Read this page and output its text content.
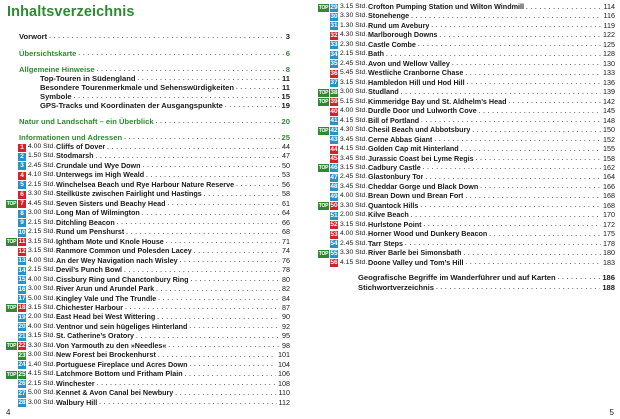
Inhaltsverzeichnis
Vorwort . . .	3
Übersichtskarte . . .	6
Allgemeine Hinweise . . .	8
Top-Touren in Südengland . . .	11
Besondere Tourenmerkmale und Sehenswürdigkeiten . . .	11
Symbole . . .	15
GPS-Tracks und Koordinaten der Ausgangspunkte . . .	19
Natur und Landschaft – ein Überblick . . .	20
Informationen und Adressen . . .	25
1 4.00 Std. Cliffs of Dover . . .	44
2 1.50 Std. Stodmarsh . . .	47
3 2.45 Std. Crundale und Wye Down . . .	50
4 4.10 Std. Unterwegs im High Weald . . .	53
5 2.15 Std. Winchelsea Beach und Rye Harbour Nature Reserve . . .	56
6 3.30 Std. Steilküste zwischen Fairlight und Hastings . . .	58
TOP 7 4.45 Std. Seven Sisters und Beachy Head . . .	61
8 3.00 Std. Long Man of Wilmington . . .	64
9 2.15 Std. Ditchling Beacon . . .	66
10 2.15 Std. Rund um Penshurst . . .	68
TOP 11 3.15 Std. Ightham Mote und Knole House . . .	71
12 3.15 Std. Ranmore Common und Polesden Lacey . . .	74
13 4.00 Std. An der Wey Navigation nach Wisley . . .	76
14 2.15 Std. Devil’s Punch Bowl . . .	78
15 4.00 Std. Cissbury Ring und Chanctonbury Ring . . .	80
16 3.00 Std. River Arun und Arundel Park . . .	82
17 5.00 Std. Kingley Vale und The Trundle . . .	84
TOP 18 3.15 Std. Chichester Harbour . . .	87
19 2.00 Std. East Head bei West Wittering . . .	90
20 4.00 Std. Ventnor und sein hügeliges Hinterland . . .	92
21 3.15 Std. St. Catherine’s Oratory . . .	95
TOP 22 3.30 Std. Von Yarmouth zu den »Needles« . . .	98
23 3.00 Std. New Forest bei Brockenhurst . . .	101
24 1.40 Std. Portuguese Fireplace und Acres Down . . .	104
TOP 25 4.15 Std. Latchmore Bottom und Fritham Plain . . .	106
26 2.15 Std. Winchester . . .	108
27 5.00 Std. Kennet & Avon Canal bei Newbury . . .	110
28 3.00 Std. Walbury Hill . . .	112
4
TOP 29 3.15 Std. Crofton Pumping Station und Wilton Windmill . . .	114
30 3.30 Std. Stonehenge . . .	116
31 1.30 Std. Rund um Avebury . . .	119
32 4.30 Std. Marlborough Downs . . .	122
33 2.30 Std. Castle Combe . . .	125
34 2.15 Std. Bath . . .	128
35 2.45 Std. Avon und Wellow Valley . . .	130
36 5.45 Std. Westliche Cranborne Chase . . .	133
37 3.15 Std. Hambledon Hill und Hod Hill . . .	136
TOP 38 3.00 Std. Studland . . .	139
TOP 39 5.15 Std. Kimmeridge Bay und St. Aldhelm’s Head . . .	142
40 4.00 Std. Durdle Door und Lulworth Cove . . .	145
41 4.15 Std. Bill of Portland . . .	148
TOP 42 4.30 Std. Chesil Beach und Abbotsbury . . .	150
43 3.45 Std. Cerne Abbas Giant . . .	152
44 4.15 Std. Golden Cap mit Hinterland . . .	155
45 3.45 Std. Jurassic Coast bei Lyme Regis . . .	158
TOP 46 3.15 Std. Cadbury Castle . . .	162
47 2.45 Std. Glastonbury Tor . . .	164
48 3.45 Std. Cheddar Gorge und Black Down . . .	166
49 4.00 Std. Brean Down und Brean Fort . . .	168
TOP 50 3.30 Std. Quantock Hills . . .	168
51 2.00 Std. Kilve Beach . . .	170
52 3.15 Std. Hurlstone Point . . .	172
53 4.00 Std. Horner Wood und Dunkery Beacon . . .	175
54 2.45 Std. Tarr Steps . . .	178
TOP 55 3.30 Std. River Barle bei Simonsbath . . .	180
56 4.15 Std. Doone Valley und Tom’s Hill . . .	183
Geografische Begriffe im Wanderführer und auf Karten . . .	186
Stichwortverzeichnis . . .	188
5
